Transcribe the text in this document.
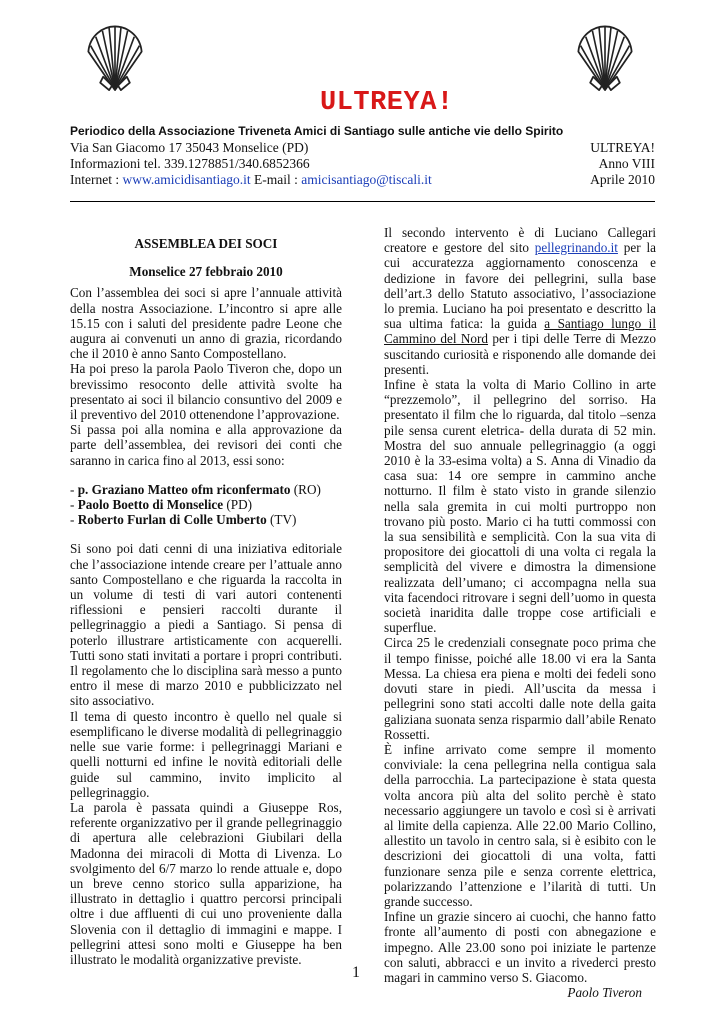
ULTREYA!

Periodico della Associazione Triveneta Amici di Santiago sulle antiche vie dello Spirito

Via San Giacomo 17 35043 Monselice (PD)	ULTREYA!
Informazioni tel. 339.1278851/340.6852366	Anno VIII
Internet : www.amicidisantiago.it E-mail : amicisantiago@tiscali.it	Aprile 2010

ASSEMBLEA DEI SOCI

Monselice 27 febbraio 2010

Con l’assemblea dei soci si apre l’annuale attività della nostra Associazione. L’incontro si apre alle 15.15 con i saluti del presidente padre Leone che augura ai convenuti un anno di grazia, ricordando che il 2010 è anno Santo Compostellano.

Ha poi preso la parola Paolo Tiveron che, dopo un brevissimo resoconto delle attività svolte ha presentato ai soci il bilancio consuntivo del 2009 e il preventivo del 2010 ottenendone l’approvazione.

Si passa poi alla nomina e alla approvazione da parte dell’assemblea, dei revisori dei conti che saranno in carica fino al 2013, essi sono:

- p. Graziano Matteo ofm riconfermato (RO)

- Paolo Boetto di Monselice (PD)

- Roberto Furlan di Colle Umberto (TV)

Si sono poi dati cenni di una iniziativa editoriale che l’associazione intende creare per l’attuale anno santo Compostellano e che riguarda la raccolta in un volume di testi di vari autori contenenti riflessioni e pensieri raccolti durante il pellegrinaggio a piedi a Santiago. Si pensa di poterlo illustrare artisticamente con acquerelli. Tutti sono stati invitati a portare i propri contributi. Il regolamento che lo disciplina sarà messo a punto entro il mese di marzo 2010 e pubblicizzato nel sito associativo.

Il tema di questo incontro è quello nel quale si esemplificano le diverse modalità di pellegrinaggio nelle sue varie forme: i pellegrinaggi Mariani e quelli notturni ed infine le novità editoriali delle guide sul cammino, invito implicito al pellegrinaggio.

La parola è passata quindi a Giuseppe Ros, referente organizzativo per il grande pellegrinaggio di apertura alle celebrazioni Giubilari della Madonna dei miracoli di Motta di Livenza. Lo svolgimento del 6/7 marzo lo rende attuale e, dopo un breve cenno storico sulla apparizione, ha illustrato in dettaglio i quattro percorsi principali oltre i due affluenti di cui uno proveniente dalla Slovenia con il dettaglio di immagini e mappe. I pellegrini attesi sono molti e Giuseppe ha ben illustrato le modalità organizzative previste.

Il secondo intervento è di Luciano Callegari creatore e gestore del sito pellegrinando.it per la cui accuratezza aggiornamento conoscenza e dedizione in favore dei pellegrini, sulla base dell’art.3 dello Statuto associativo, l’associazione lo premia. Luciano ha poi presentato e descritto la sua ultima fatica: la guida a Santiago lungo il Cammino del Nord per i tipi delle Terre di Mezzo suscitando curiosità e risponendo alle domande dei presenti.

Infine è stata la volta di Mario Collino in arte “prezzemolo”, il pellegrino del sorriso. Ha presentato il film che lo riguarda, dal titolo –senza pile sensa curent eletrica- della durata di 52 min. Mostra del suo annuale pellegrinaggio (a oggi 2010 è la 33-esima volta) a S. Anna di Vinadio da casa sua: 14 ore sempre in cammino anche notturno. Il film è stato visto in grande silenzio nella sala gremita in cui molti purtroppo non trovano più posto. Mario ci ha tutti commossi con la sua sensibilità e semplicità. Con la sua vita di propositore dei giocattoli di una volta ci regala la semplicità del vivere e dimostra la dimensione realizzata dell’umano; ci accompagna nella sua vita facendoci ritrovare i segni dell’uomo in questa società inaridita dalle troppe cose artificiali e superflue.

Circa 25 le credenziali consegnate poco prima che il tempo finisse, poiché alle 18.00 vi era la Santa Messa. La chiesa era piena e molti dei fedeli sono dovuti stare in piedi. All’uscita da messa i pellegrini sono stati accolti dalle note della gaita galiziana suonata senza risparmio dall’abile Renato Rossetti.

È infine arrivato come sempre il momento conviviale: la cena pellegrina nella contigua sala della parrocchia. La partecipazione è stata questa volta ancora più alta del solito perchè è stato necessario aggiungere un tavolo e così si è arrivati al limite della capienza. Alle 22.00 Mario Collino, allestito un tavolo in centro sala, si è esibito con le descrizioni dei giocattoli di una volta, fatti funzionare senza pile e senza corrente elettrica, polarizzando l’attenzione e l’ilarità di tutti. Un grande successo.

Infine un grazie sincero ai cuochi, che hanno fatto fronte all’aumento di posti con abnegazione e impegno. Alle 23.00 sono poi iniziate le partenze con saluti, abbracci e un invito a rivederci presto magari in cammino verso S. Giacomo.

Paolo Tiveron

1
